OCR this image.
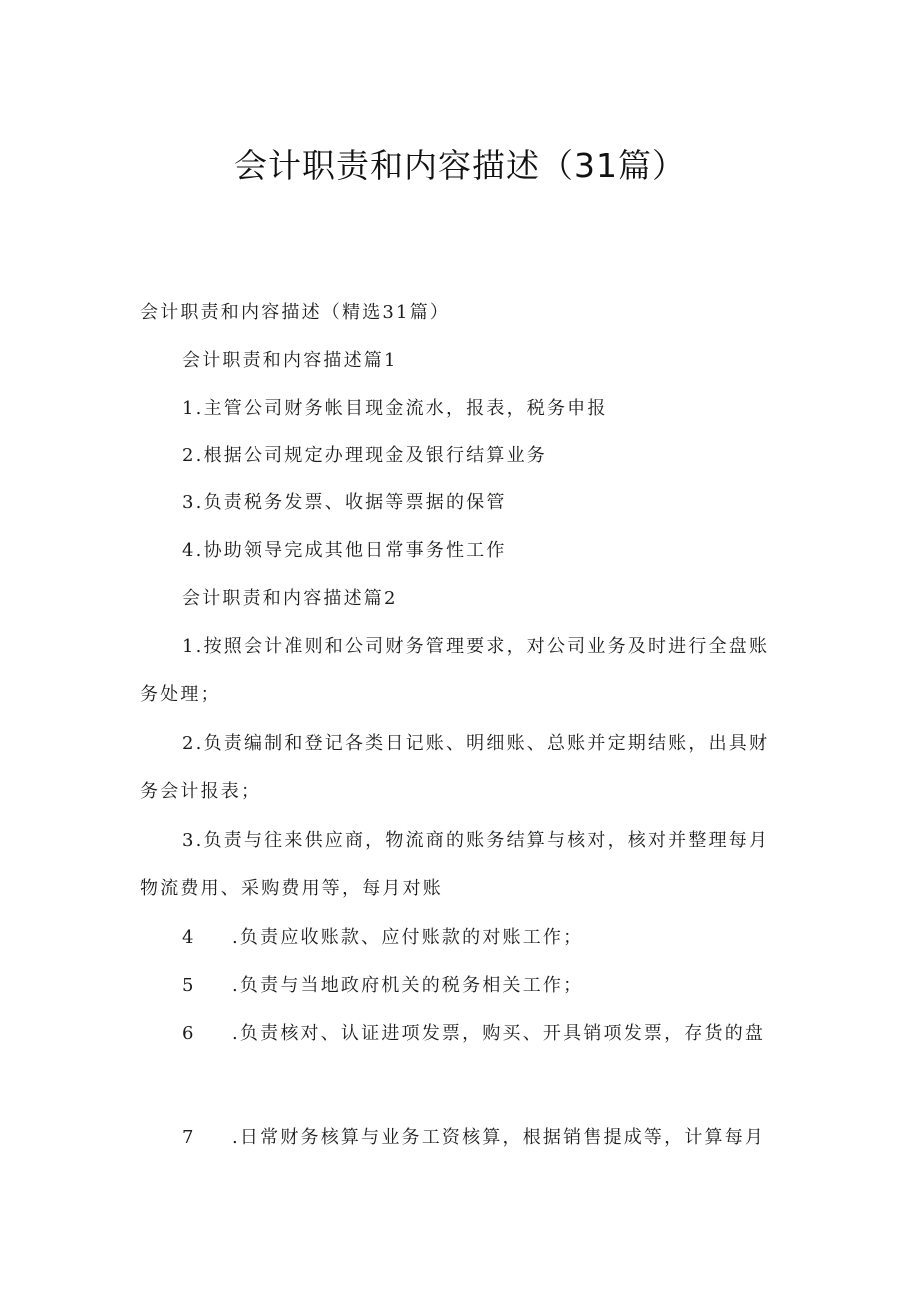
会计职责和内容描述（31篇）

会计职责和内容描述（精选31篇）

会计职责和内容描述篇1

1.主管公司财务帐目现金流水，报表，税务申报

2.根据公司规定办理现金及银行结算业务

3.负责税务发票、收据等票据的保管

4.协助领导完成其他日常事务性工作

会计职责和内容描述篇2

1.按照会计准则和公司财务管理要求，对公司业务及时进行全盘账

务处理；

2.负责编制和登记各类日记账、明细账、总账并定期结账，出具财

务会计报表；

3.负责与往来供应商，物流商的账务结算与核对，核对并整理每月

物流费用、采购费用等，每月对账

4 .负责应收账款、应付账款的对账工作；

5 .负责与当地政府机关的税务相关工作；

6 .负责核对、认证进项发票，购买、开具销项发票，存货的盘

7 .日常财务核算与业务工资核算，根据销售提成等，计算每月
